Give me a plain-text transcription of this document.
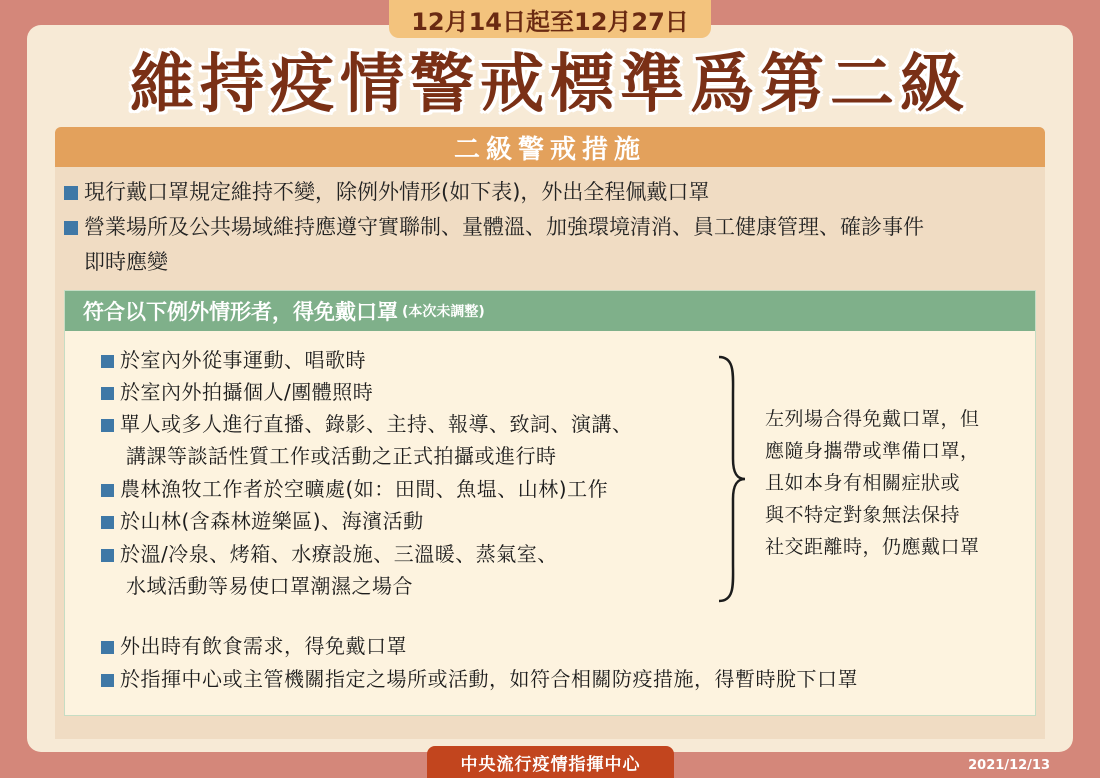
12月14日起至12月27日
維持疫情警戒標準爲第二級
二級警戒措施
現行戴口罩規定維持不變，除例外情形(如下表)，外出全程佩戴口罩
營業場所及公共場域維持應遵守實聯制、量體溫、加強環境清消、員工健康管理、確診事件
即時應變
符合以下例外情形者，得免戴口罩 (本次未調整)
於室內外從事運動、唱歌時
於室內外拍攝個人/團體照時
單人或多人進行直播、錄影、主持、報導、致詞、演講、
講課等談話性質工作或活動之正式拍攝或進行時
農林漁牧工作者於空曠處(如：田間、魚塭、山林)工作
於山林(含森林遊樂區)、海濱活動
於溫/冷泉、烤箱、水療設施、三溫暖、蒸氣室、
水域活動等易使口罩潮濕之場合
左列場合得免戴口罩，但
應隨身攜帶或準備口罩，
且如本身有相關症狀或
與不特定對象無法保持
社交距離時，仍應戴口罩
外出時有飲食需求，得免戴口罩
於指揮中心或主管機關指定之場所或活動，如符合相關防疫措施，得暫時脫下口罩
中央流行疫情指揮中心	2021/12/13
